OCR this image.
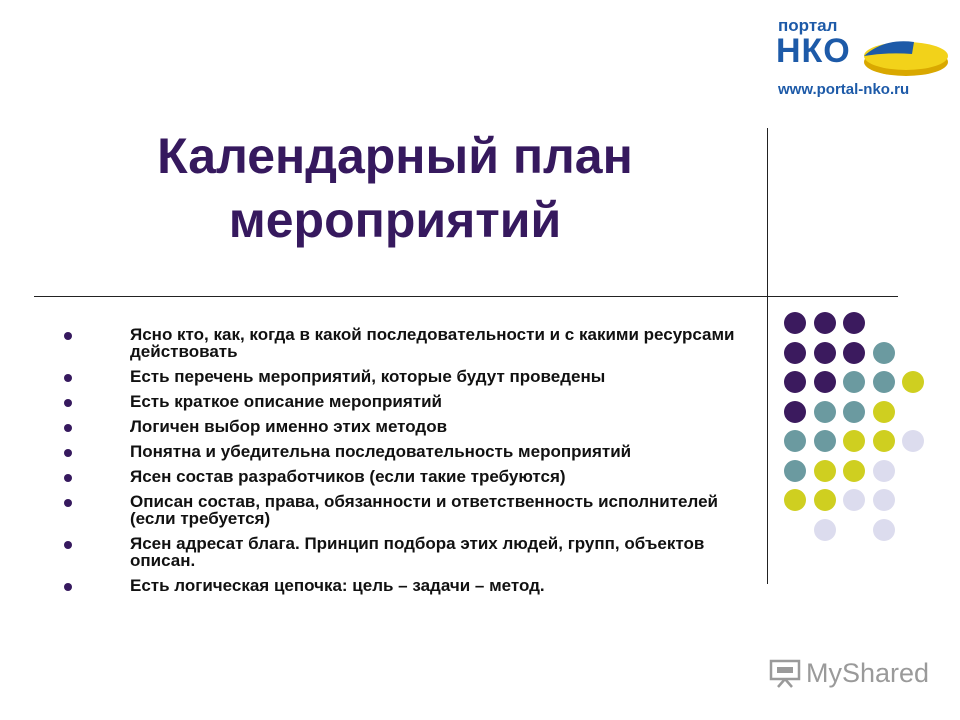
портал
НКО
www.portal-nko.ru
Календарный план
мероприятий
Ясно кто, как, когда в какой последовательности и с какими ресурсами действовать
Есть перечень мероприятий, которые будут проведены
Есть краткое описание мероприятий
Логичен выбор именно этих методов
Понятна и убедительна последовательность мероприятий
Ясен состав разработчиков (если такие требуются)
Описан состав, права, обязанности и ответственность исполнителей (если требуется)
Ясен адресат блага. Принцип подбора этих людей, групп, объектов описан.
Есть логическая цепочка: цель – задачи – метод.
MyShared
